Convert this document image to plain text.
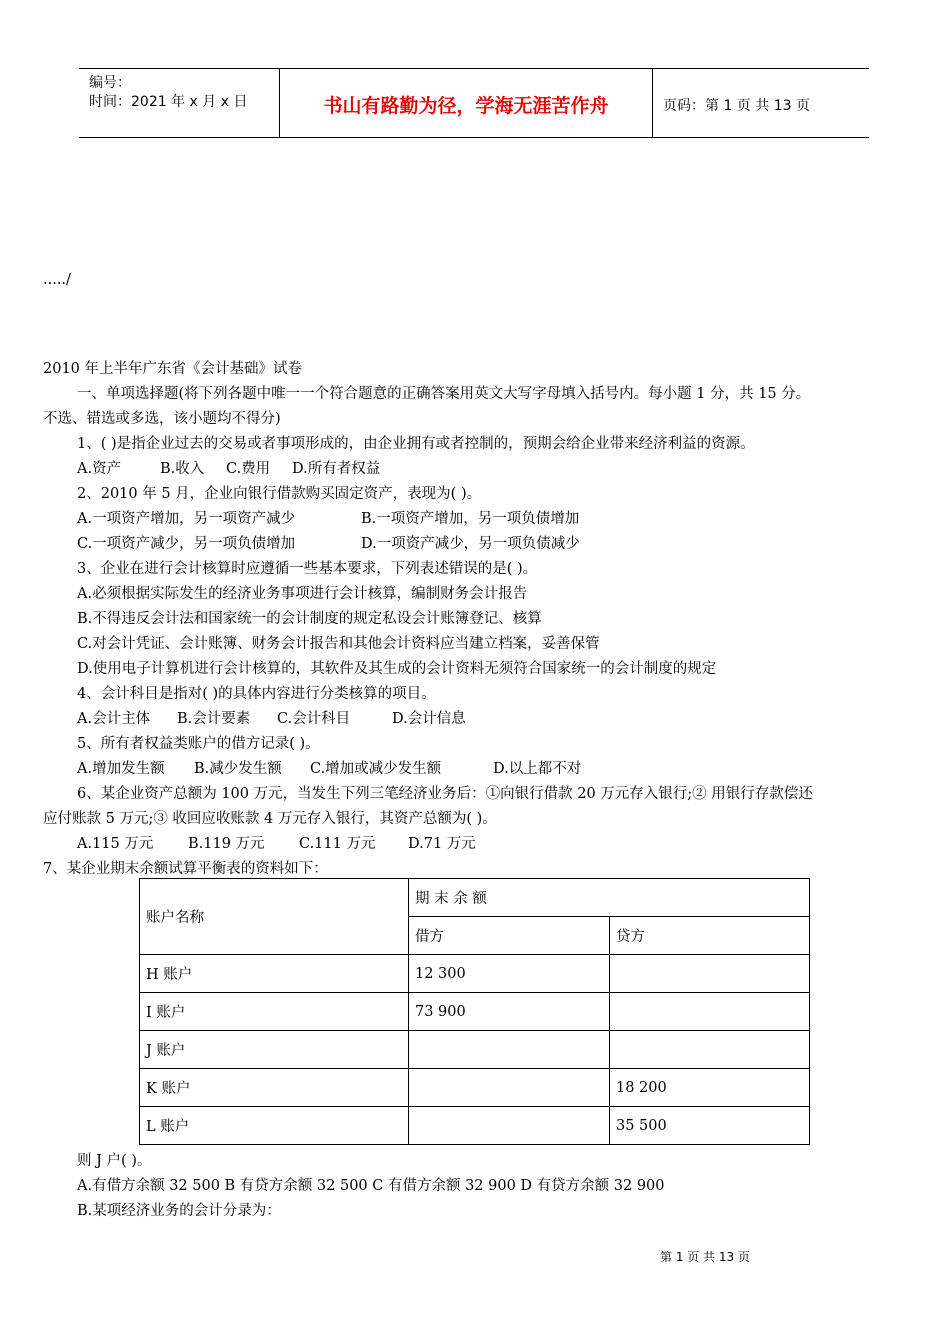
编号：
时间：2021 年 x 月 x 日	书山有路勤为径，学海无涯苦作舟	页码：第 1 页 共 13 页
...../
2010 年上半年广东省《会计基础》试卷
一、单项选择题(将下列各题中唯一一个符合题意的正确答案用英文大写字母填入括号内。每小题 1 分，共 15 分。
不选、错选或多选，该小题均不得分)
1、( )是指企业过去的交易或者事项形成的，由企业拥有或者控制的，预期会给企业带来经济利益的资源。
A.资产	B.收入 C.费用 D.所有者权益
2、2010 年 5 月，企业向银行借款购买固定资产，表现为( )。
A.一项资产增加，另一项资产减少	B.一项资产增加，另一项负债增加
C.一项资产减少，另一项负债增加	D.一项资产减少，另一项负债减少
3、企业在进行会计核算时应遵循一些基本要求，下列表述错误的是( )。
A.必须根据实际发生的经济业务事项进行会计核算，编制财务会计报告
B.不得违反会计法和国家统一的会计制度的规定私设会计账簿登记、核算
C.对会计凭证、会计账簿、财务会计报告和其他会计资料应当建立档案，妥善保管
D.使用电子计算机进行会计核算的，其软件及其生成的会计资料无须符合国家统一的会计制度的规定
4、会计科目是指对( )的具体内容进行分类核算的项目。
A.会计主体 B.会计要素 C.会计科目	D.会计信息
5、所有者权益类账户的借方记录( )。
A.增加发生额 B.减少发生额 C.增加或减少发生额	D.以上都不对
6、某企业资产总额为 100 万元，当发生下列三笔经济业务后：①向银行借款 20 万元存入银行;② 用银行存款偿还
应付账款 5 万元;③ 收回应收账款 4 万元存入银行，其资产总额为( )。
A.115 万元 B.119 万元 C.111 万元 D.71 万元
7、某企业期末余额试算平衡表的资料如下：
账户名称	期 末 余 额	
	借方	贷方
H 账户	12 300	
I 账户	73 900	
J 账户		
K 账户		18 200
L 账户		35 500
则 J 户( )。
A.有借方余额 32 500 B 有贷方余额 32 500 C 有借方余额 32 900 D 有贷方余额 32 900
B.某项经济业务的会计分录为：
第 1 页 共 13 页
